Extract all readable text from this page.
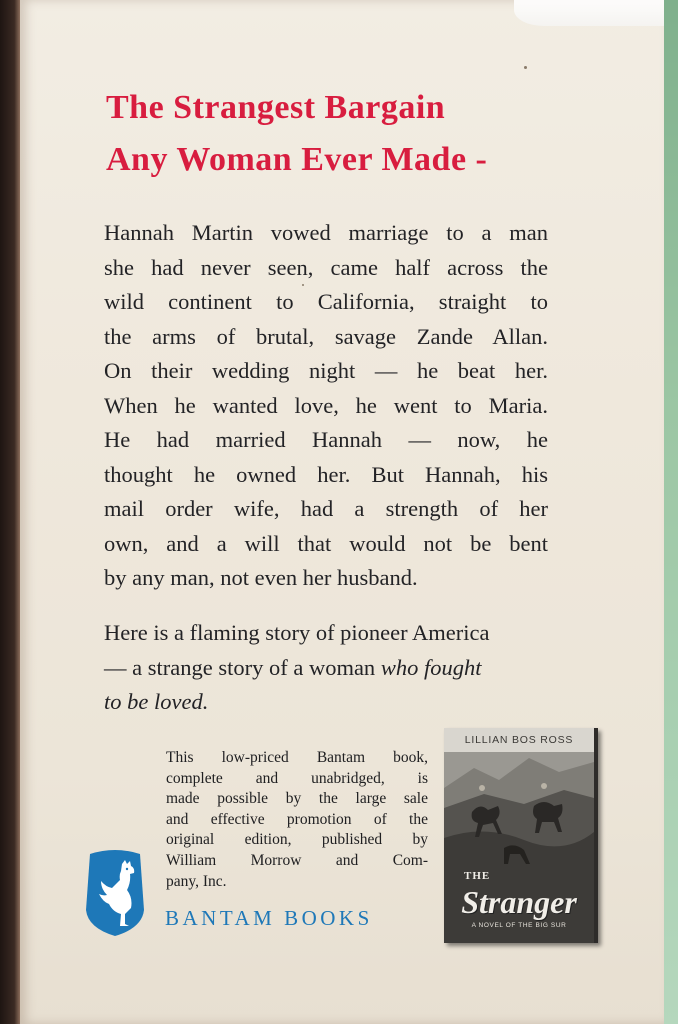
The Strangest Bargain
Any Woman Ever Made -
Hannah Martin vowed marriage to a man
she had never seen, came half across the
wild continent to California, straight to
the arms of brutal, savage Zande Allan.
On their wedding night — he beat her.
When he wanted love, he went to Maria.
He had married Hannah — now, he
thought he owned her. But Hannah, his
mail order wife, had a strength of her
own, and a will that would not be bent
by any man, not even her husband.
Here is a flaming story of pioneer America
— a strange story of a woman who fought
to be loved.
This low-priced Bantam book,
complete and unabridged, is
made possible by the large sale
and effective promotion of the
original edition, published by
William Morrow and Com-
pany, Inc.
BANTAM BOOKS
LILLIAN BOS ROSS
THE
Stranger
A NOVEL OF THE BIG SUR
